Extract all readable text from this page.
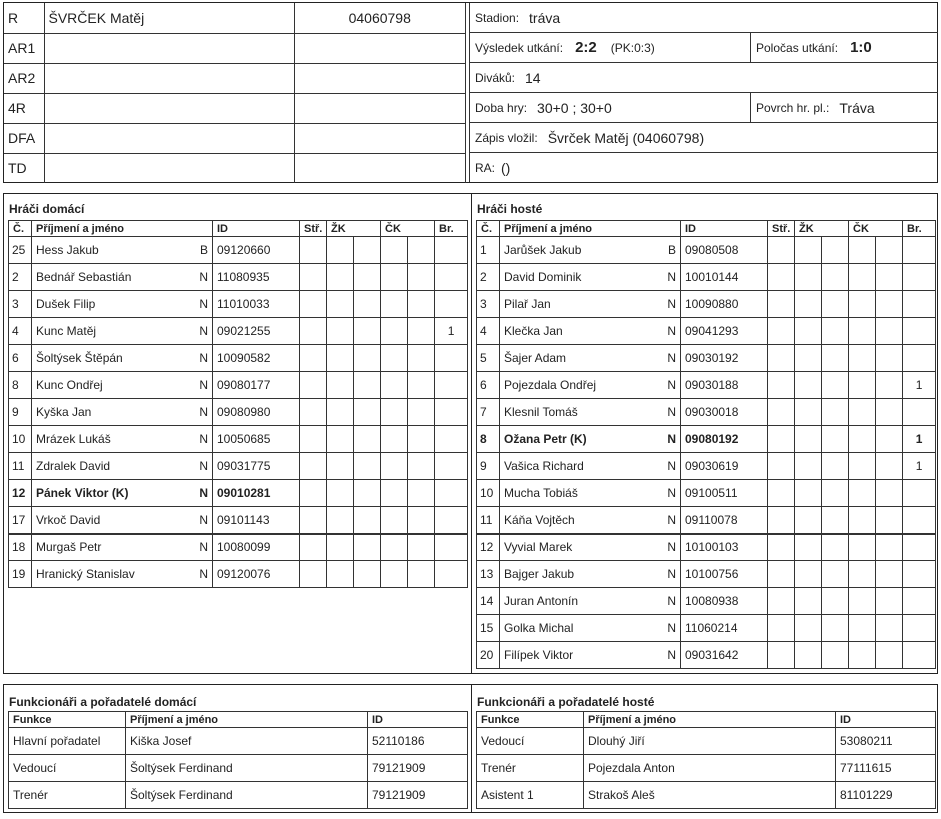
R	ŠVRČEK Matěj	04060798
AR1		
AR2		
4R		
DFA		
TD		
Stadion: tráva
Výsledek utkání: 2:2 (PK:0:3)	Poločas utkání: 1:0
Diváků: 14
Doba hry: 30+0 ; 30+0	Povrch hr. pl.: Tráva
Zápis vložil: Švrček Matěj (04060798)
RA: ()
Hráči domácí
Č.	Příjmení a jméno		ID	Stř.	ŽK		ČK		Br.
25	Hess Jakub	B	09120660						
2	Bednář Sebastián	N	11080935						
3	Dušek Filip	N	11010033						
4	Kunc Matěj	N	09021255						1
6	Šoltýsek Štěpán	N	10090582						
8	Kunc Ondřej	N	09080177						
9	Kyška Jan	N	09080980						
10	Mrázek Lukáš	N	10050685						
11	Zdralek David	N	09031775						
12	Pánek Viktor (K)	N	09010281						
17	Vrkoč David	N	09101143						
18	Murgaš Petr	N	10080099						
19	Hranický Stanislav	N	09120076						
Hráči hosté
Č.	Příjmení a jméno		ID	Stř.	ŽK		ČK		Br.
1	Jarůšek Jakub	B	09080508						
2	David Dominik	N	10010144						
3	Pilař Jan	N	10090880						
4	Klečka Jan	N	09041293						
5	Šajer Adam	N	09030192						
6	Pojezdala Ondřej	N	09030188						1
7	Klesnil Tomáš	N	09030018						
8	Ožana Petr (K)	N	09080192						1
9	Vašica Richard	N	09030619						1
10	Mucha Tobiáš	N	09100511						
11	Káňa Vojtěch	N	09110078						
12	Vyvial Marek	N	10100103						
13	Bajger Jakub	N	10100756						
14	Juran Antonín	N	10080938						
15	Golka Michal	N	11060214						
20	Filípek Viktor	N	09031642						
Funkcionáři a pořadatelé domácí
Funkce	Příjmení a jméno	ID
Hlavní pořadatel	Kiška Josef	52110186
Vedoucí	Šoltýsek Ferdinand	79121909
Trenér	Šoltýsek Ferdinand	79121909
Funkcionáři a pořadatelé hosté
Funkce	Příjmení a jméno	ID
Vedoucí	Dlouhý Jiří	53080211
Trenér	Pojezdala Anton	77111615
Asistent 1	Strakoš Aleš	81101229
